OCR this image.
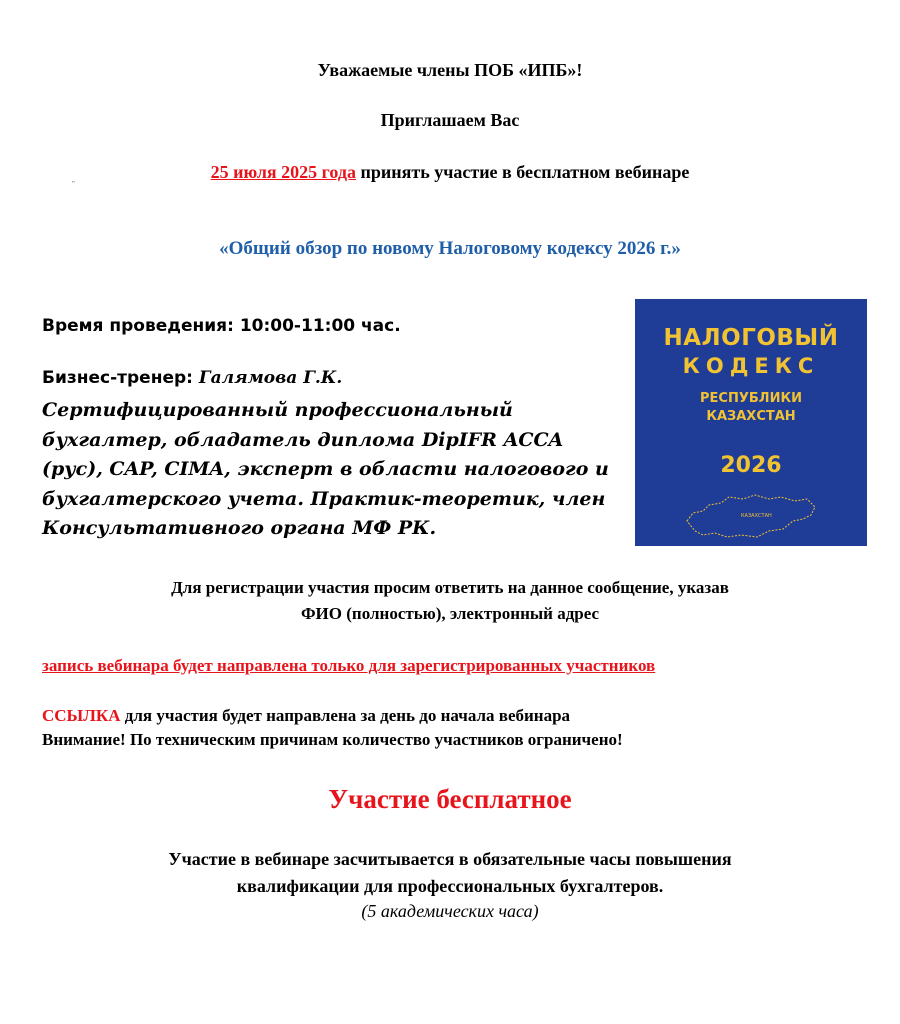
Уважаемые члены ПОБ «ИПБ»!
Приглашаем Вас
25 июля 2025 года принять участие в бесплатном вебинаре
"
«Общий обзор по новому Налоговому кодексу 2026 г.»
Время проведения: 10:00-11:00 час.
Бизнес-тренер: Галямова Г.К.
Сертифицированный профессиональный
бухгалтер, обладатель диплома DipIFR ACCA
(рус), CAP, CIMA, эксперт в области налогового и
бухгалтерского учета. Практик-теоретик, член
Консультативного органа МФ РК.
НАЛОГОВЫЙ
КОДЕКС
РЕСПУБЛИКИ
КАЗАХСТАН
2026
КАЗАХСТАН
Для регистрации участия просим ответить на данное сообщение, указав
ФИО (полностью), электронный адрес
запись вебинара будет направлена только для зарегистрированных участников
ССЫЛКА для участия будет направлена за день до начала вебинара
Внимание! По техническим причинам количество участников ограничено!
Участие бесплатное
Участие в вебинаре засчитывается в обязательные часы повышения
квалификации для профессиональных бухгалтеров.
(5 академических часа)
